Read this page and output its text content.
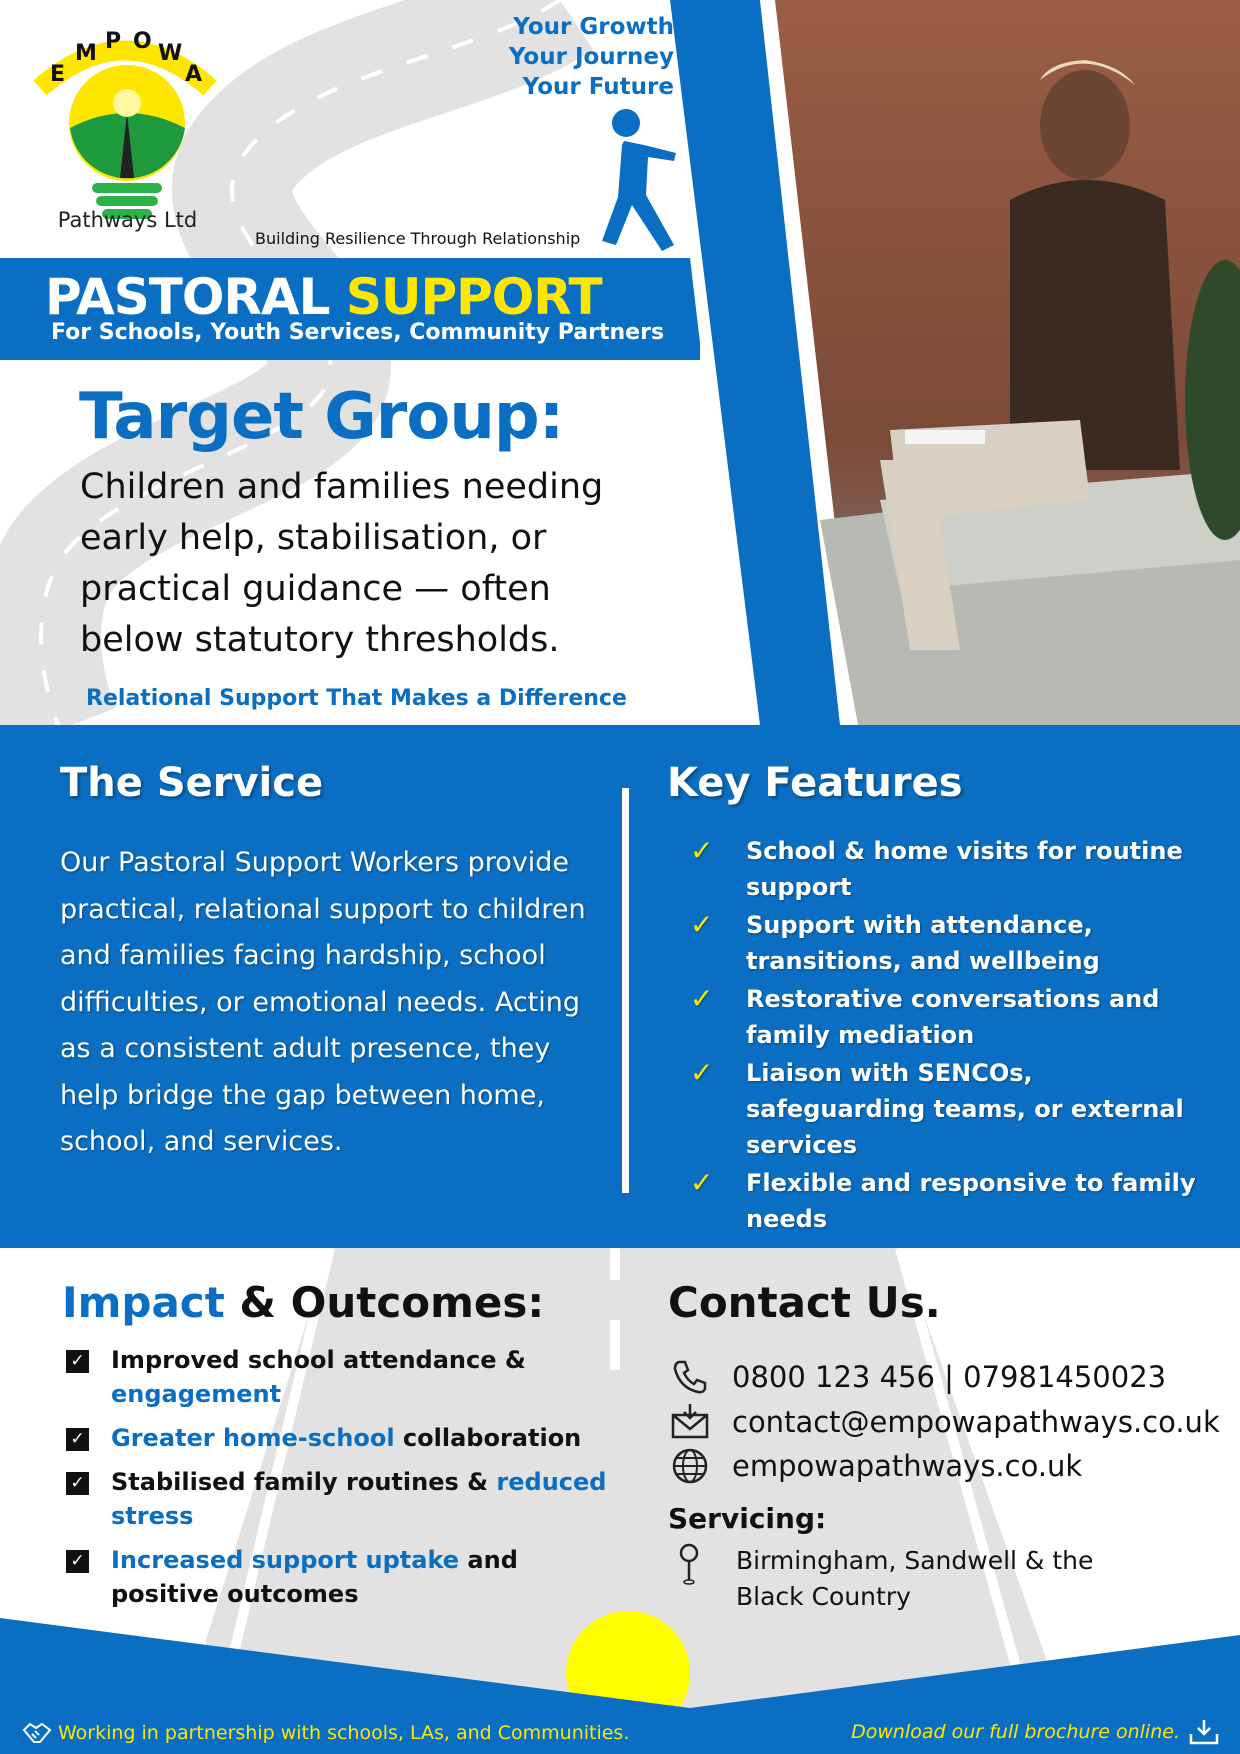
E
M P O W
A
Pathways Ltd
Your Growth
Your Journey
Your Future
Building Resilience Through Relationship
PASTORAL SUPPORT
For Schools, Youth Services, Community Partners
Target Group:
Children and families needing early help, stabilisation, or practical guidance — often below statutory thresholds.
Relational Support That Makes a Difference
The Service
Our Pastoral Support Workers provide practical, relational support to children and families facing hardship, school difficulties, or emotional needs. Acting as a consistent adult presence, they help bridge the gap between home, school, and services.
Key Features
✓ School & home visits for routine support
✓ Support with attendance, transitions, and wellbeing
✓ Restorative conversations and family mediation
✓ Liaison with SENCOs, safeguarding teams, or external services
✓ Flexible and responsive to family needs
Impact & Outcomes:
✓ Improved school attendance & engagement
✓ Greater home-school collaboration
✓ Stabilised family routines & reduced stress
✓ Increased support uptake and positive outcomes
Contact Us.
0800 123 456 | 07981450023
contact@empowapathways.co.uk
empowapathways.co.uk
Servicing:
Birmingham, Sandwell & the Black Country
Working in partnership with schools, LAs, and Communities.	Download our full brochure online.
